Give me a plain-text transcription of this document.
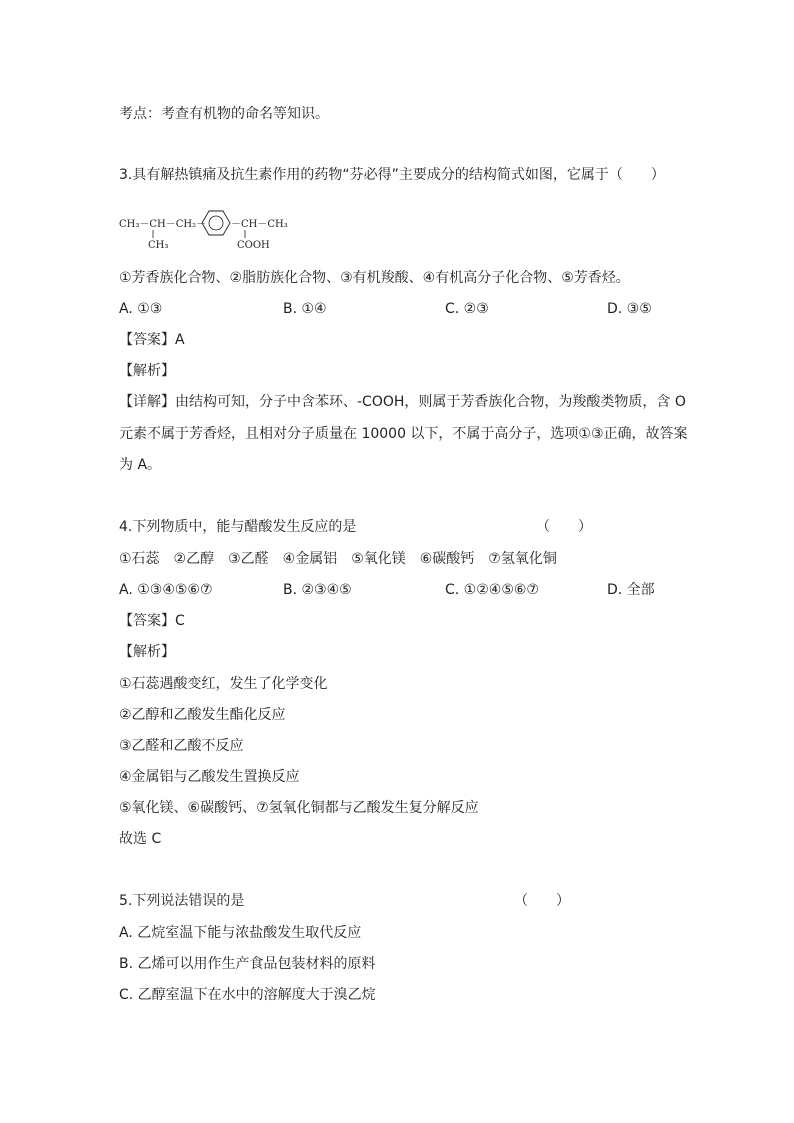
考点：考查有机物的命名等知识。
3.具有解热镇痛及抗生素作用的药物“芬必得”主要成分的结构简式如图，它属于（　　）
CH₃－CH－CH₂－
CH₃
－CH－CH₃
COOH
①芳香族化合物、②脂肪族化合物、③有机羧酸、④有机高分子化合物、⑤芳香烃。
A. ①③	B. ①④	C. ②③	D. ③⑤
【答案】A
【解析】
【详解】由结构可知，分子中含苯环、-COOH，则属于芳香族化合物，为羧酸类物质，含 O
元素不属于芳香烃，且相对分子质量在 10000 以下，不属于高分子，选项①③正确，故答案
为 A。
4.下列物质中，能与醋酸发生反应的是	（　　）
①石蕊　②乙醇　③乙醛　④金属铝　⑤氧化镁　⑥碳酸钙　⑦氢氧化铜
A. ①③④⑤⑥⑦	B. ②③④⑤	C. ①②④⑤⑥⑦	D. 全部
【答案】C
【解析】
①石蕊遇酸变红，发生了化学变化
②乙醇和乙酸发生酯化反应
③乙醛和乙酸不反应
④金属铝与乙酸发生置换反应
⑤氧化镁、⑥碳酸钙、⑦氢氧化铜都与乙酸发生复分解反应
故选 C
5.下列说法错误的是	（　　）
A. 乙烷室温下能与浓盐酸发生取代反应
B. 乙烯可以用作生产食品包装材料的原料
C. 乙醇室温下在水中的溶解度大于溴乙烷
